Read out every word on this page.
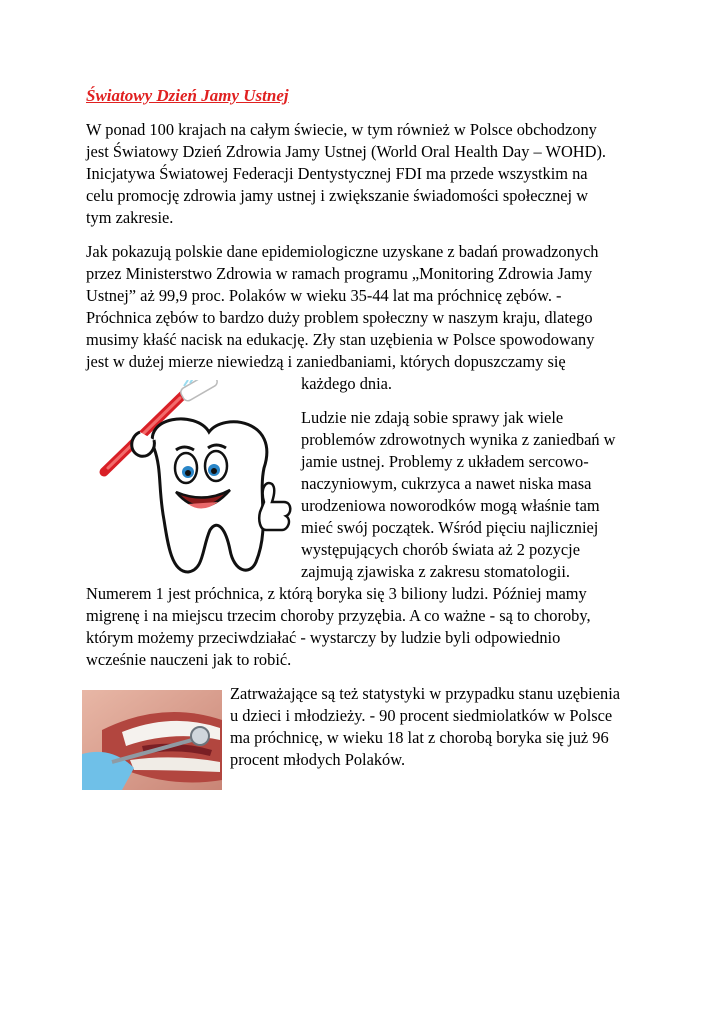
Światowy Dzień Jamy Ustnej

W ponad 100 krajach na całym świecie, w tym również w Polsce obchodzony

jest Światowy Dzień Zdrowia Jamy Ustnej (World Oral Health Day – WOHD).

Inicjatywa Światowej Federacji Dentystycznej FDI ma przede wszystkim na

celu promocję zdrowia jamy ustnej i zwiększanie świadomości społecznej w

tym zakresie.

Jak pokazują polskie dane epidemiologiczne uzyskane z badań prowadzonych

przez Ministerstwo Zdrowia w ramach programu „Monitoring Zdrowia Jamy

Ustnej” aż 99,9 proc. Polaków w wieku 35-44 lat ma próchnicę zębów. -

Próchnica zębów to bardzo duży problem społeczny w naszym kraju, dlatego

musimy kłaść nacisk na edukację. Zły stan uzębienia w Polsce spowodowany

jest w dużej mierze niewiedzą i zaniedbaniami, których dopuszczamy się

każdego dnia.

Ludzie nie zdają sobie sprawy jak wiele

problemów zdrowotnych wynika z zaniedbań w

jamie ustnej. Problemy z układem sercowo-

naczyniowym, cukrzyca a nawet niska masa

urodzeniowa noworodków mogą właśnie tam

mieć swój początek. Wśród pięciu najliczniej

występujących chorób świata aż 2 pozycje

zajmują zjawiska z zakresu stomatologii.

Numerem 1 jest próchnica, z którą boryka się 3 biliony ludzi. Później mamy

migrenę i na miejscu trzecim choroby przyzębia. A co ważne - są to choroby,

którym możemy przeciwdziałać - wystarczy by ludzie byli odpowiednio

wcześnie nauczeni jak to robić.

Zatrważające są też statystyki w przypadku stanu uzębienia

u dzieci i młodzieży. - 90 procent siedmiolatków w Polsce

ma próchnicę, w wieku 18 lat z chorobą boryka się już 96

procent młodych Polaków.
